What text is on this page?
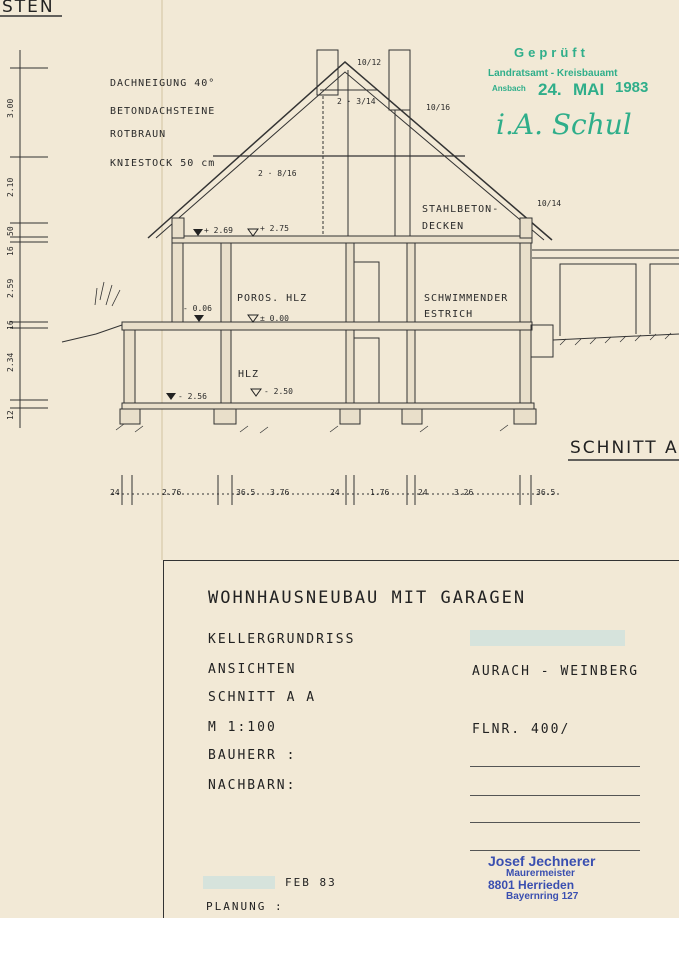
STEN
3.00
2.10
50
16
2.59
16
2.34
12
DACHNEIGUNG 40°
BETONDACHSTEINE
ROTBRAUN
KNIESTOCK 50 cm
10/12
2 · 3/14
10/16
2 · 8/16
10/14
STAHLBETON-
DECKEN
POROS. HLZ	SCHWIMMENDER
ESTRICH
HLZ
+ 2.69	+ 2.75
- 0.06
± 0.00
- 2.56
- 2.50
SCHNITT A
24	2.76	36.5 3.76	24	1.76	24	3.26	36.5
Geprüft
Landratsamt - Kreisbauamt
Ansbach 24. MAI 1983
i.A. Schul
WOHNHAUSNEUBAU MIT GARAGEN
KELLERGRUNDRISS
ANSICHTEN
SCHNITT A A
M 1:100
BAUHERR :
NACHBARN:
AURACH - WEINBERG
FLNR. 400/
FEB 83
PLANUNG :
Josef Jechnerer
Maurermeister
8801 Herrieden
Bayernring 127
